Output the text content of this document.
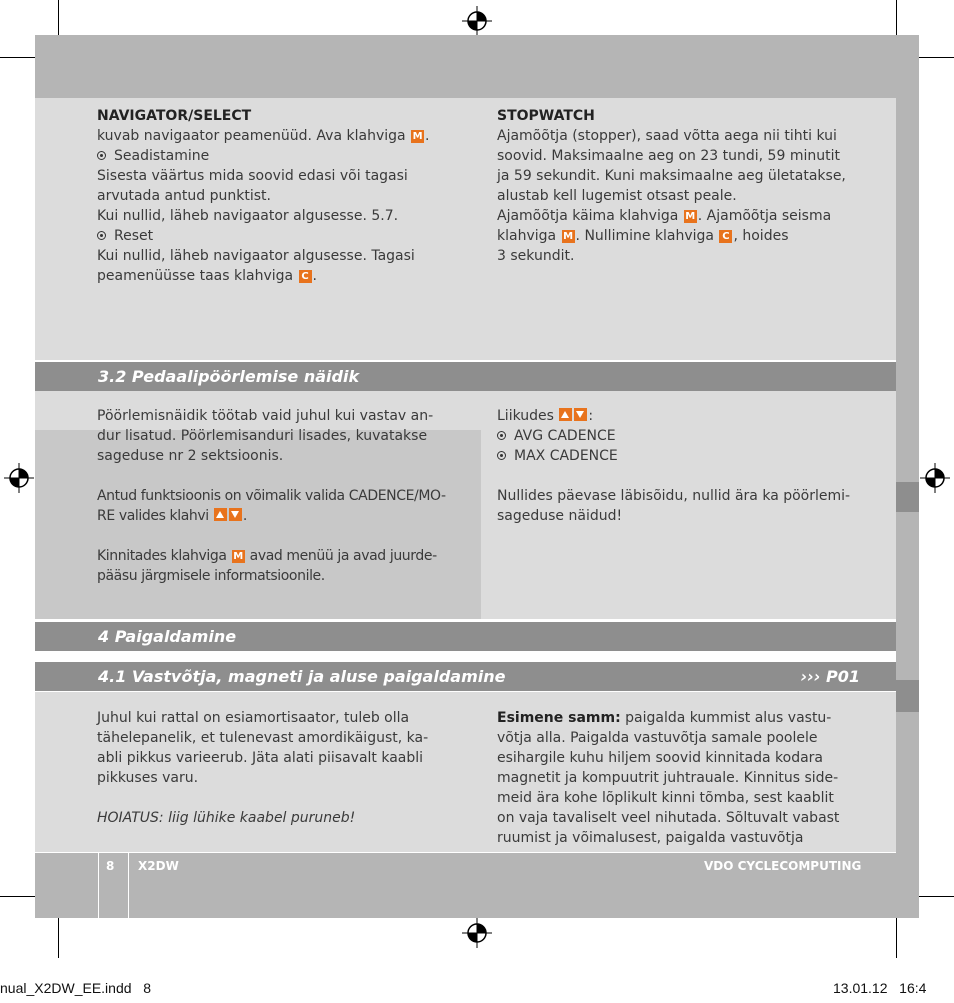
NAVIGATOR/SELECT

kuvab navigaator peamenüüd. Ava klahviga M .

Seadistamine

Sisesta väärtus mida soovid edasi või tagasi

arvutada antud punktist.

Kui nullid, läheb navigaator algusesse. 5.7.

Reset

Kui nullid, läheb navigaator algusesse. Tagasi

peamenüüsse taas klahviga C .

STOPWATCH

Ajamõõtja (stopper), saad võtta aega nii tihti kui

soovid. Maksimaalne aeg on 23 tundi, 59 minutit

ja 59 sekundit. Kuni maksimaalne aeg ületatakse,

alustab kell lugemist otsast peale.

Ajamõõtja käima klahviga M . Ajamõõtja seisma

klahviga M . Nullimine klahviga C , hoides

3 sekundit.

3.2 Pedaalipöörlemise näidik

Pöörlemisnäidik töötab vaid juhul kui vastav an-

dur lisatud. Pöörlemisanduri lisades, kuvatakse

sageduse nr 2 sektsioonis.

Antud funktsioonis on võimalik valida CADENCE/MO-

RE valides klahvi .

Kinnitades klahviga M avad menüü ja avad juurde-

pääsu järgmisele informatsioonile.

Liikudes :

AVG CADENCE

MAX CADENCE

Nullides päevase läbisõidu, nullid ära ka pöörlemi-

sageduse näidud!

4 Paigaldamine
4.1 Vastvõtja, magneti ja aluse paigaldamine	››› P01

Juhul kui rattal on esiamortisaator, tuleb olla

tähelepanelik, et tulenevast amordikäigust, ka-

abli pikkus varieerub. Jäta alati piisavalt kaabli

pikkuses varu.

HOIATUS: liig lühike kaabel puruneb!

Esimene samm: paigalda kummist alus vastu-

võtja alla. Paigalda vastuvõtja samale poolele

esihargile kuhu hiljem soovid kinnitada kodara

magnetit ja kompuutrit juhtrauale. Kinnitus side-

meid ära kohe lõplikult kinni tõmba, sest kaablit

on vaja tavaliselt veel nihutada. Sõltuvalt vabast

ruumist ja võimalusest, paigalda vastuvõtja

8 X2DW	VDO CYCLECOMPUTING
nual_X2DW_EE.indd   8	13.01.12   16:4
